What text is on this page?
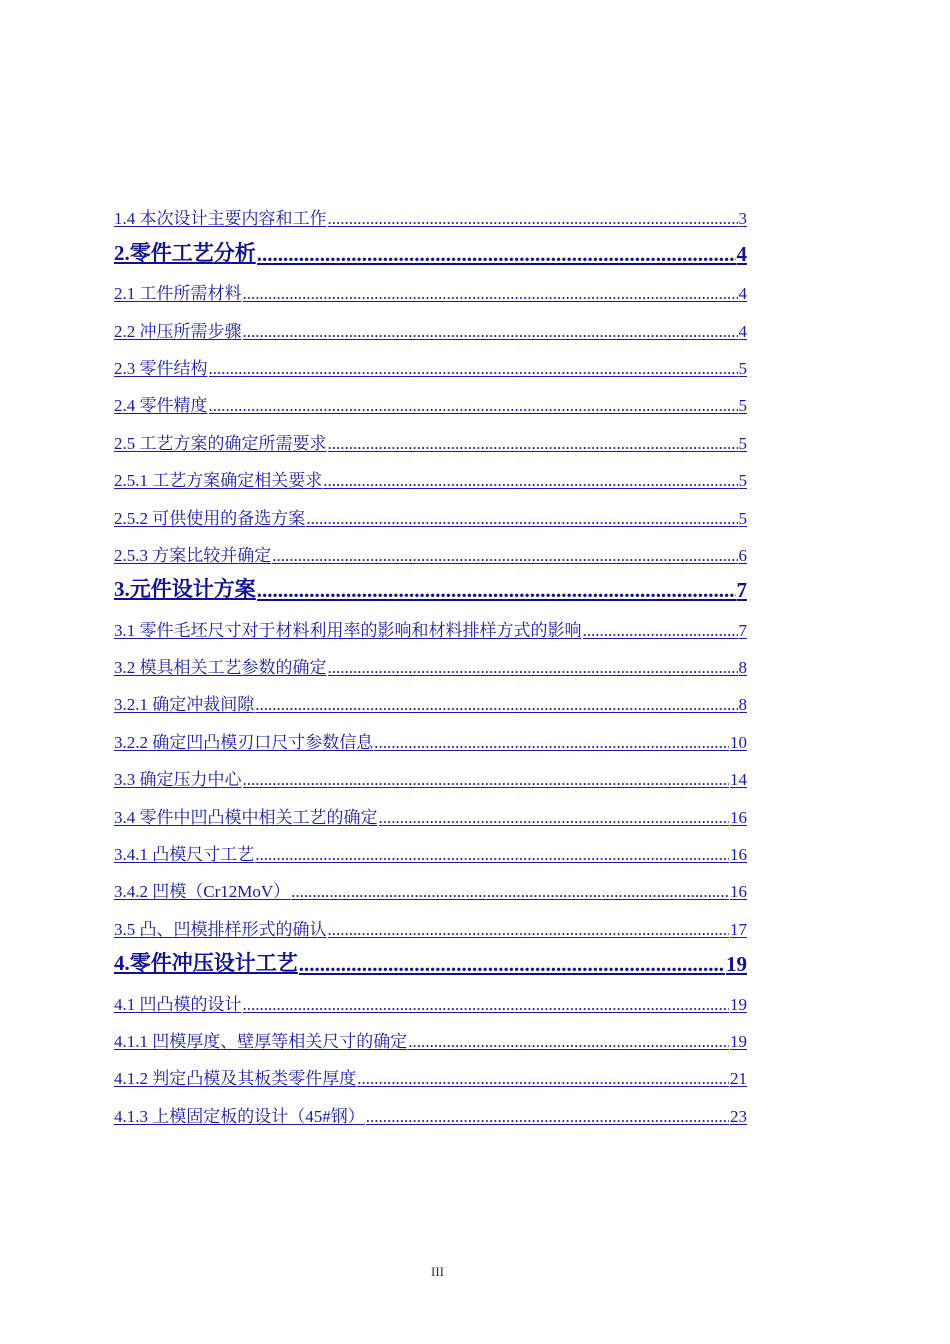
1.4 本次设计主要内容和工作 .....	3
2.零件工艺分析 .....	4
2.1 工件所需材料 .....	4
2.2 冲压所需步骤 .....	4
2.3 零件结构 .....	5
2.4 零件精度 .....	5
2.5 工艺方案的确定所需要求 .....	5
2.5.1 工艺方案确定相关要求 .....	5
2.5.2 可供使用的备选方案 .....	5
2.5.3 方案比较并确定 .....	6
3.元件设计方案 .....	7
3.1 零件毛坯尺寸对于材料利用率的影响和材料排样方式的影响 .....	7
3.2 模具相关工艺参数的确定 .....	8
3.2.1 确定冲裁间隙 .....	8
3.2.2 确定凹凸模刃口尺寸参数信息 .....	10
3.3 确定压力中心 .....	14
3.4 零件中凹凸模中相关工艺的确定 .....	16
3.4.1 凸模尺寸工艺 .....	16
3.4.2 凹模（Cr12MoV） .....	16
3.5 凸、凹模排样形式的确认 .....	17
4.零件冲压设计工艺 .....	19
4.1 凹凸模的设计 .....	19
4.1.1 凹模厚度、壁厚等相关尺寸的确定 .....	19
4.1.2 判定凸模及其板类零件厚度 .....	21
4.1.3 上模固定板的设计（45#钢） .....	23
III
